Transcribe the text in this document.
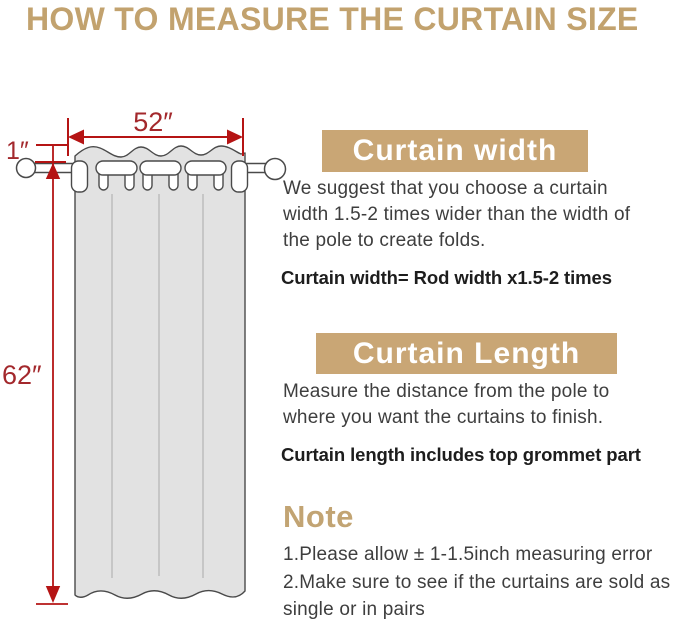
HOW TO MEASURE THE CURTAIN SIZE
52″
1″
62″
Curtain width
We suggest that you choose a curtain width 1.5-2 times wider than the width of the pole to create folds.
Curtain width= Rod width x1.5-2 times
Curtain Length
Measure the distance from the pole to where you want the curtains to finish.
Curtain length includes top grommet part
Note
1.Please allow ± 1-1.5inch measuring error
2.Make sure to see if the curtains are sold as single or in pairs
